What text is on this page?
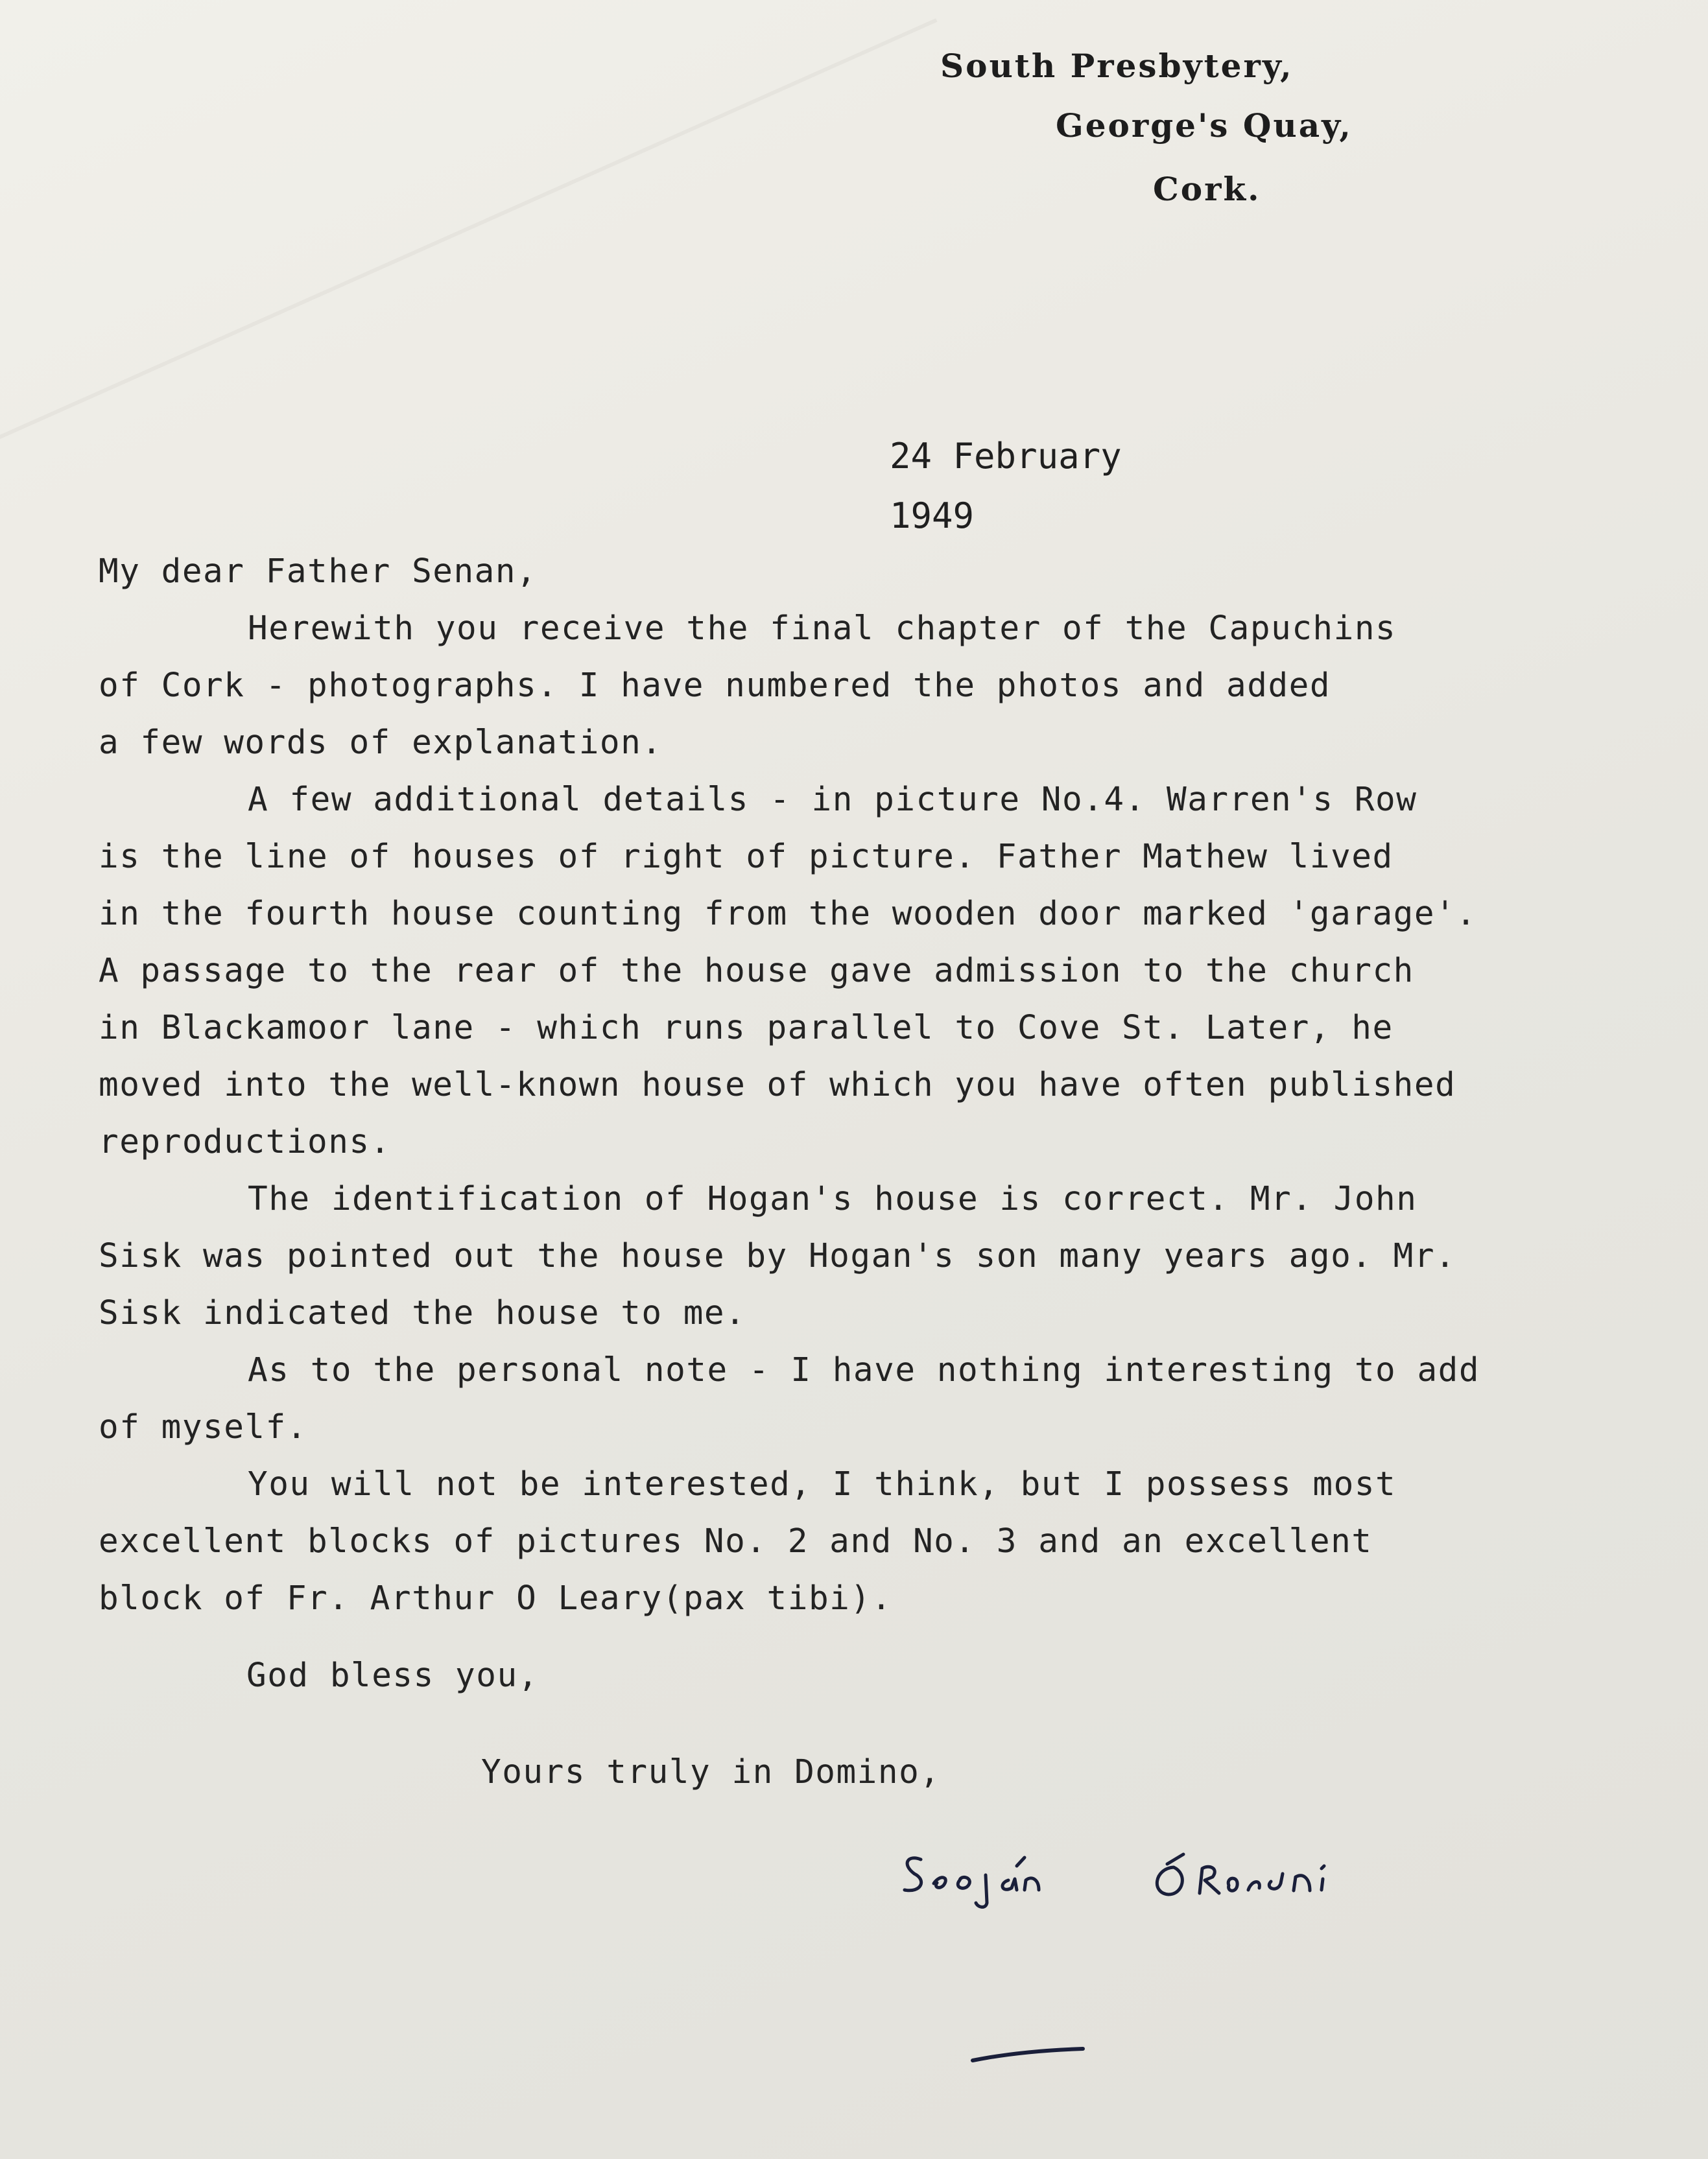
South Presbytery,
George's Quay,
Cork.
24 February
1949

My dear Father Senan,

Herewith you receive the final chapter of the Capuchins

of Cork - photographs. I have numbered the photos and added

a few words of explanation.

A few additional details - in picture No.4. Warren's Row

is the line of houses of right of picture. Father Mathew lived

in the fourth house counting from the wooden door marked 'garage'.

A passage to the rear of the house gave admission to the church

in Blackamoor lane - which runs parallel to Cove St. Later, he

moved into the well-known house of which you have often published

reproductions.

The identification of Hogan's house is correct. Mr. John

Sisk was pointed out the house by Hogan's son many years ago. Mr.

Sisk indicated the house to me.

As to the personal note - I have nothing interesting to add

of myself.

You will not be interested, I think, but I possess most

excellent blocks of pictures No. 2 and No. 3 and an excellent

block of Fr. Arthur O Leary(pax tibi).

God bless you,
Yours truly in Domino,
